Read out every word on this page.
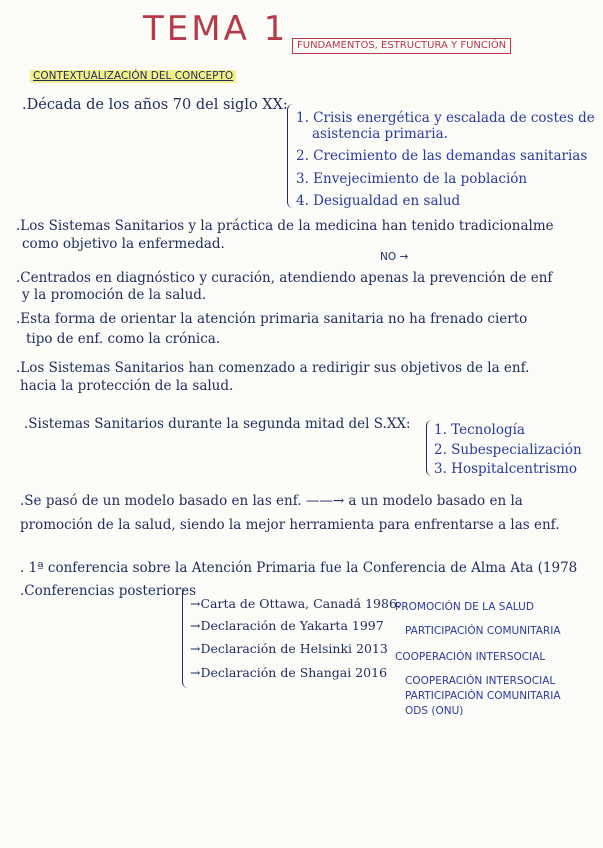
TEMA 1 FUNDAMENTOS, ESTRUCTURA Y FUNCIÓN
CONTEXTUALIZACIÓN DEL CONCEPTO
.Década de los años 70 del siglo XX:
1. Crisis energética y escalada de costes de
asistencia primaria.
2. Crecimiento de las demandas sanitarias
3. Envejecimiento de la población
4. Desigualdad en salud
.Los Sistemas Sanitarios y la práctica de la medicina han tenido tradicionalme
como objetivo la enfermedad.
NO →
.Centrados en diagnóstico y curación, atendiendo apenas la prevención de enf
y la promoción de la salud.
.Esta forma de orientar la atención primaria sanitaria no ha frenado cierto
tipo de enf. como la crónica.
.Los Sistemas Sanitarios han comenzado a redirigir sus objetivos de la enf.
hacia la protección de la salud.
.Sistemas Sanitarios durante la segunda mitad del S.XX: 1. Tecnología
2. Subespecialización
3. Hospitalcentrismo
.Se pasó de un modelo basado en las enf. ——→ a un modelo basado en la
promoción de la salud, siendo la mejor herramienta para enfrentarse a las enf.
. 1ª conferencia sobre la Atención Primaria fue la Conferencia de Alma Ata (1978
.Conferencias posteriores
→Carta de Ottawa, Canadá 1986.
PROMOCIÓN DE LA SALUD
→Declaración de Yakarta 1997 PARTICIPACIÓN COMUNITARIA
→Declaración de Helsinki 2013
COOPERACIÓN INTERSOCIAL
→Declaración de Shangai 2016
COOPERACIÓN INTERSOCIAL
PARTICIPACIÓN COMUNITARIA
ODS (ONU)
